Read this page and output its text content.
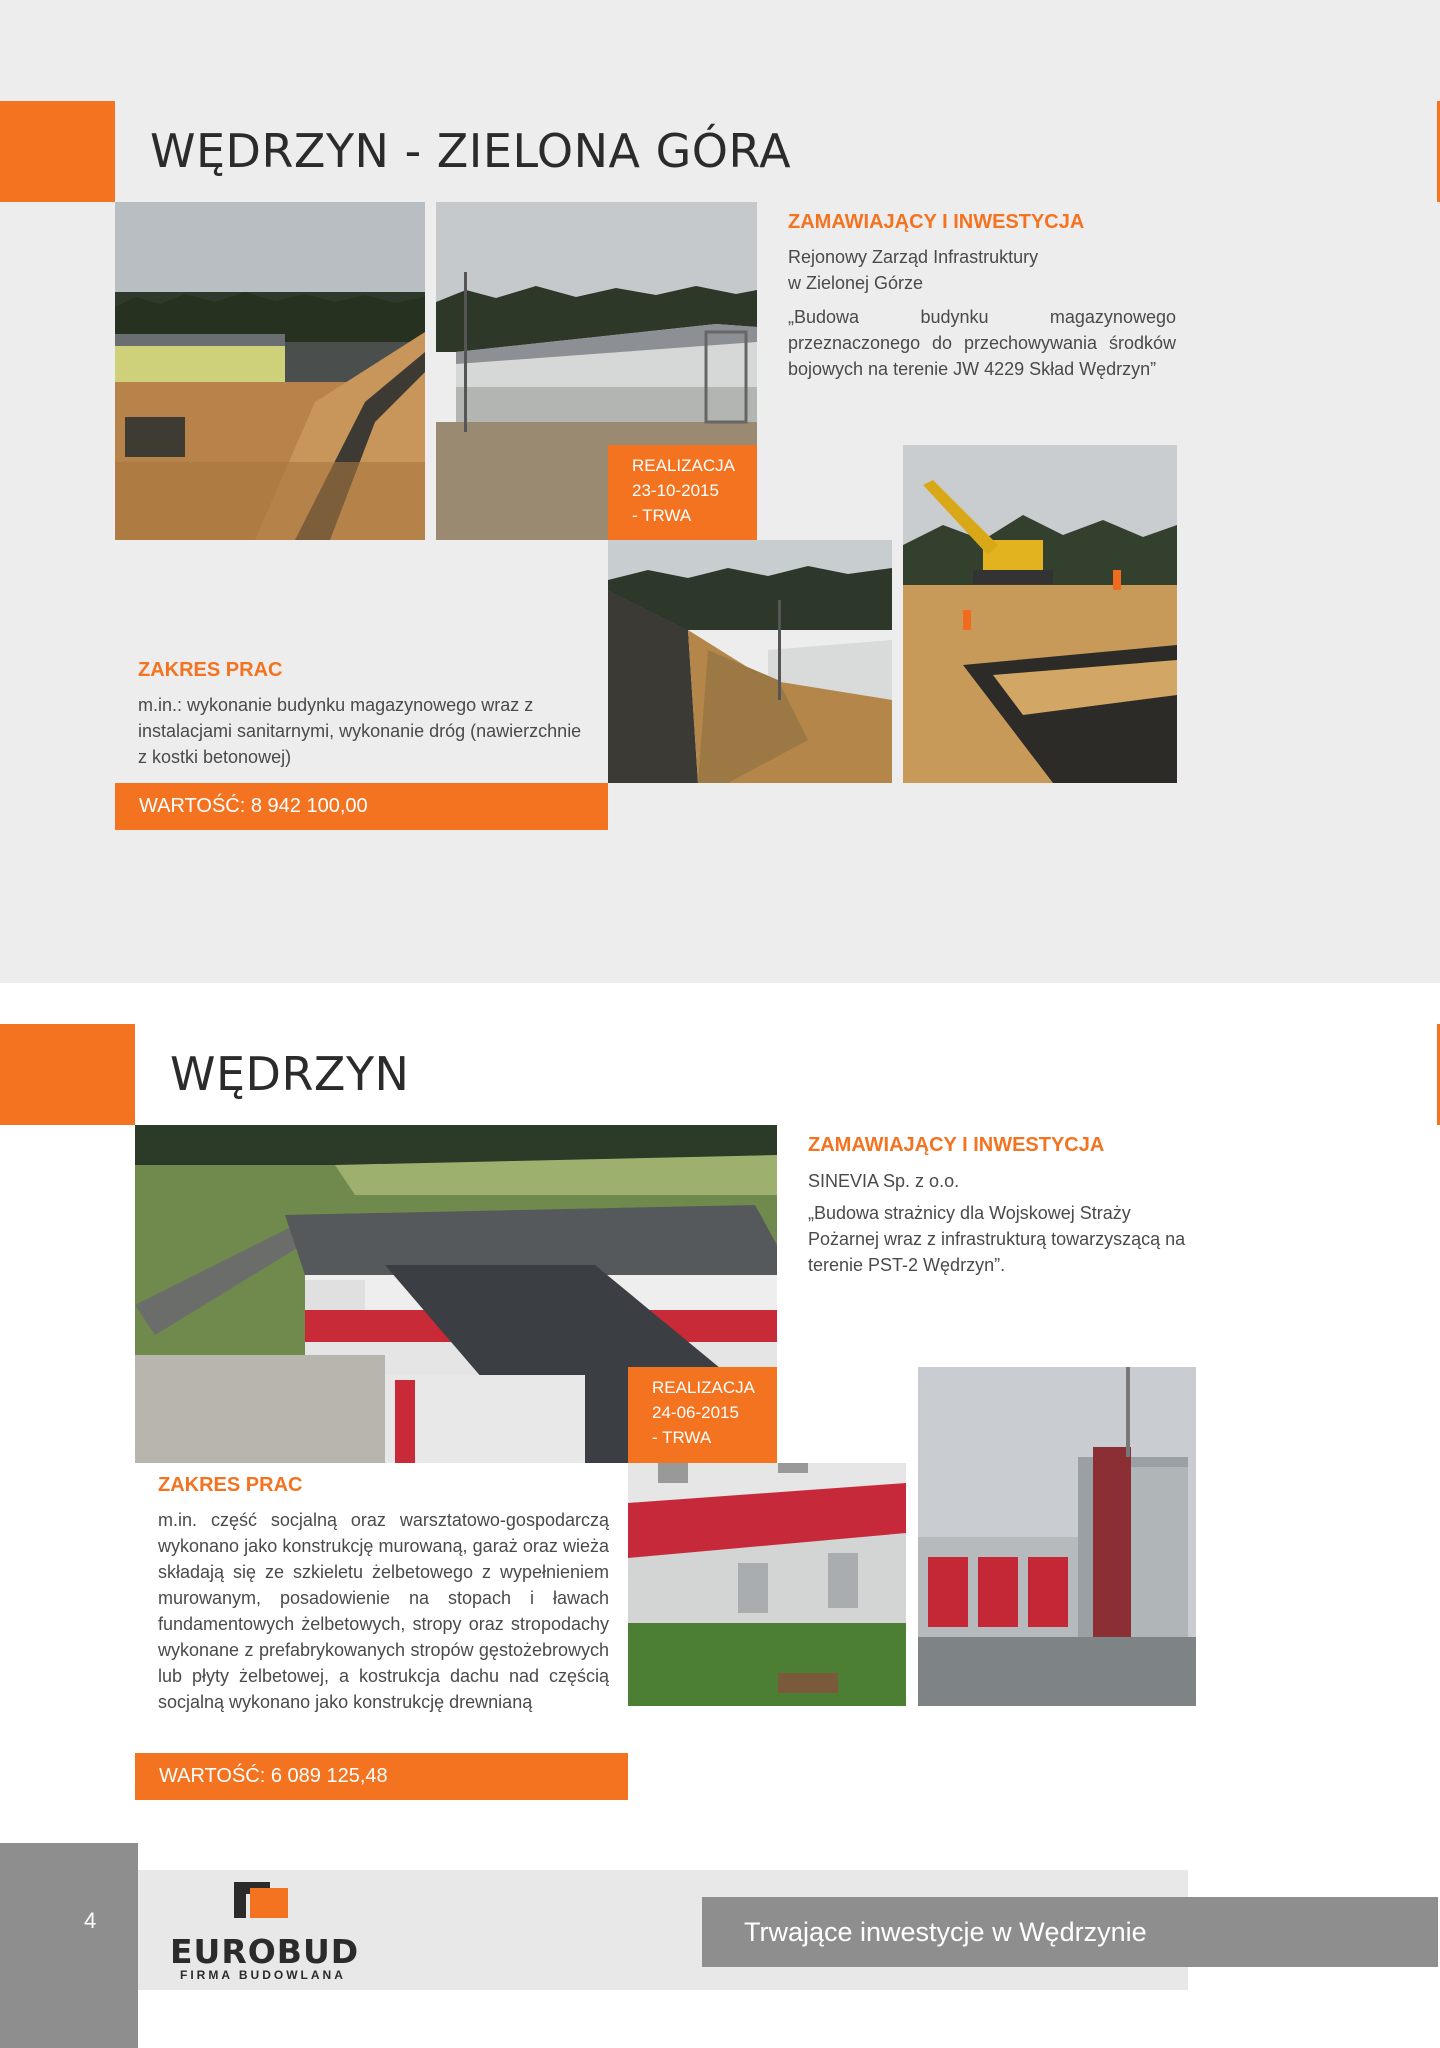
WĘDRZYN - ZIELONA GÓRA
ZAMAWIAJĄCY I INWESTYCJA

Rejonowy Zarząd Infrastruktury

w Zielonej Górze

„Budowa budynku magazynowego przeznaczonego do przechowywania środków bojowych na terenie JW 4229 Skład Wędrzyn”
REALIZACJA
23-10-2015
- TRWA
ZAKRES PRAC
m.in.: wykonanie budynku magazynowego wraz z instalacjami sanitarnymi, wykonanie dróg (nawierzchnie z kostki betonowej)
WARTOŚĆ: 8 942 100,00
WĘDRZYN
ZAMAWIAJĄCY I INWESTYCJA
SINEVIA Sp. z o.o.
„Budowa strażnicy dla Wojskowej Straży Pożarnej wraz z infrastrukturą towarzyszącą na terenie PST-2 Wędrzyn”.
REALIZACJA
24-06-2015
- TRWA
ZAKRES PRAC
m.in. część socjalną oraz warsztatowo-gospodarczą wykonano jako konstrukcję murowaną, garaż oraz wieża składają się ze szkieletu żelbetowego z wypełnieniem murowanym, posadowienie na stopach i ławach fundamentowych żelbetowych, stropy oraz stropodachy wykonane z prefabrykowanych stropów gęstożebrowych lub płyty żelbetowej, a kostrukcja dachu nad częścią socjalną wykonano jako konstrukcję drewnianą
WARTOŚĆ: 6 089 125,48
4
EUROBUD
FIRMA BUDOWLANA
Trwające inwestycje w Wędrzynie
